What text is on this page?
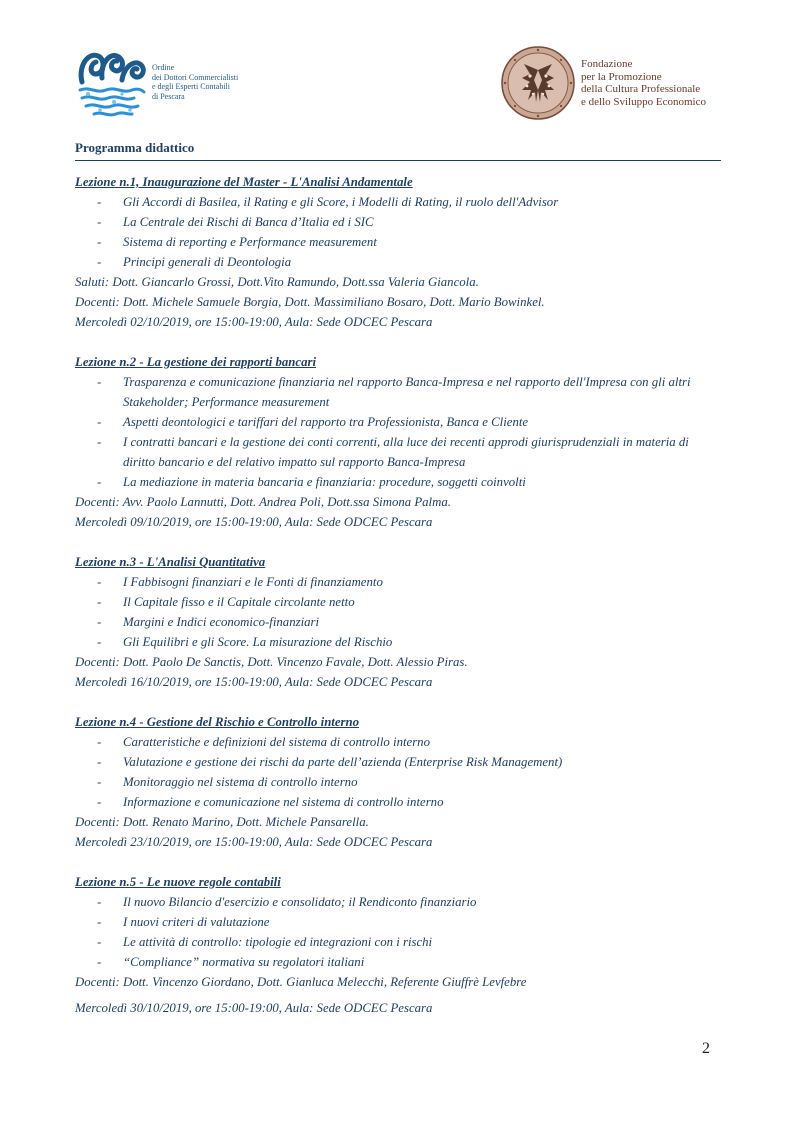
Ordine
dei Dottori Commercialisti
e degli Esperti Contabili
di Pescara
Fondazione
per la Promozione
della Cultura Professionale
e dello Sviluppo Economico
Programma didattico
Lezione n.1, Inaugurazione del Master - L'Analisi Andamentale
- Gli Accordi di Basilea, il Rating e gli Score, i Modelli di Rating, il ruolo dell'Advisor
- La Centrale dei Rischi di Banca d’Italia ed i SIC
- Sistema di reporting e Performance measurement
- Principi generali di Deontologia
Saluti: Dott. Giancarlo Grossi, Dott.Vito Ramundo, Dott.ssa Valeria Giancola.
Docenti: Dott. Michele Samuele Borgia, Dott. Massimiliano Bosaro, Dott. Mario Bowinkel.
Mercoledì 02/10/2019, ore 15:00-19:00, Aula: Sede ODCEC Pescara
Lezione n.2 - La gestione dei rapporti bancari
- Trasparenza e comunicazione finanziaria nel rapporto Banca-Impresa e nel rapporto dell'Impresa con gli altri Stakeholder; Performance measurement
- Aspetti deontologici e tariffari del rapporto tra Professionista, Banca e Cliente
- I contratti bancari e la gestione dei conti correnti, alla luce dei recenti approdi giurisprudenziali in materia di diritto bancario e del relativo impatto sul rapporto Banca-Impresa
- La mediazione in materia bancaria e finanziaria: procedure, soggetti coinvolti
Docenti: Avv. Paolo Lannutti, Dott. Andrea Poli, Dott.ssa Simona Palma.
Mercoledì 09/10/2019, ore 15:00-19:00, Aula: Sede ODCEC Pescara
Lezione n.3 - L'Analisi Quantitativa
- I Fabbisogni finanziari e le Fonti di finanziamento
- Il Capitale fisso e il Capitale circolante netto
- Margini e Indici economico-finanziari
- Gli Equilibri e gli Score. La misurazione del Rischio
Docenti: Dott. Paolo De Sanctis, Dott. Vincenzo Favale, Dott. Alessio Piras.
Mercoledì 16/10/2019, ore 15:00-19:00, Aula: Sede ODCEC Pescara
Lezione n.4 - Gestione del Rischio e Controllo interno
- Caratteristiche e definizioni del sistema di controllo interno
- Valutazione e gestione dei rischi da parte dell’azienda (Enterprise Risk Management)
- Monitoraggio nel sistema di controllo interno
- Informazione e comunicazione nel sistema di controllo interno
Docenti: Dott. Renato Marino, Dott. Michele Pansarella.
Mercoledì 23/10/2019, ore 15:00-19:00, Aula: Sede ODCEC Pescara
Lezione n.5 - Le nuove regole contabili
- Il nuovo Bilancio d'esercizio e consolidato; il Rendiconto finanziario
- I nuovi criteri di valutazione
- Le attività di controllo: tipologie ed integrazioni con i rischi
- “Compliance” normativa su regolatori italiani
Docenti: Dott. Vincenzo Giordano, Dott. Gianluca Melecchi, Referente Giuffrè Levfebre
Mercoledì 30/10/2019, ore 15:00-19:00, Aula: Sede ODCEC Pescara
2
